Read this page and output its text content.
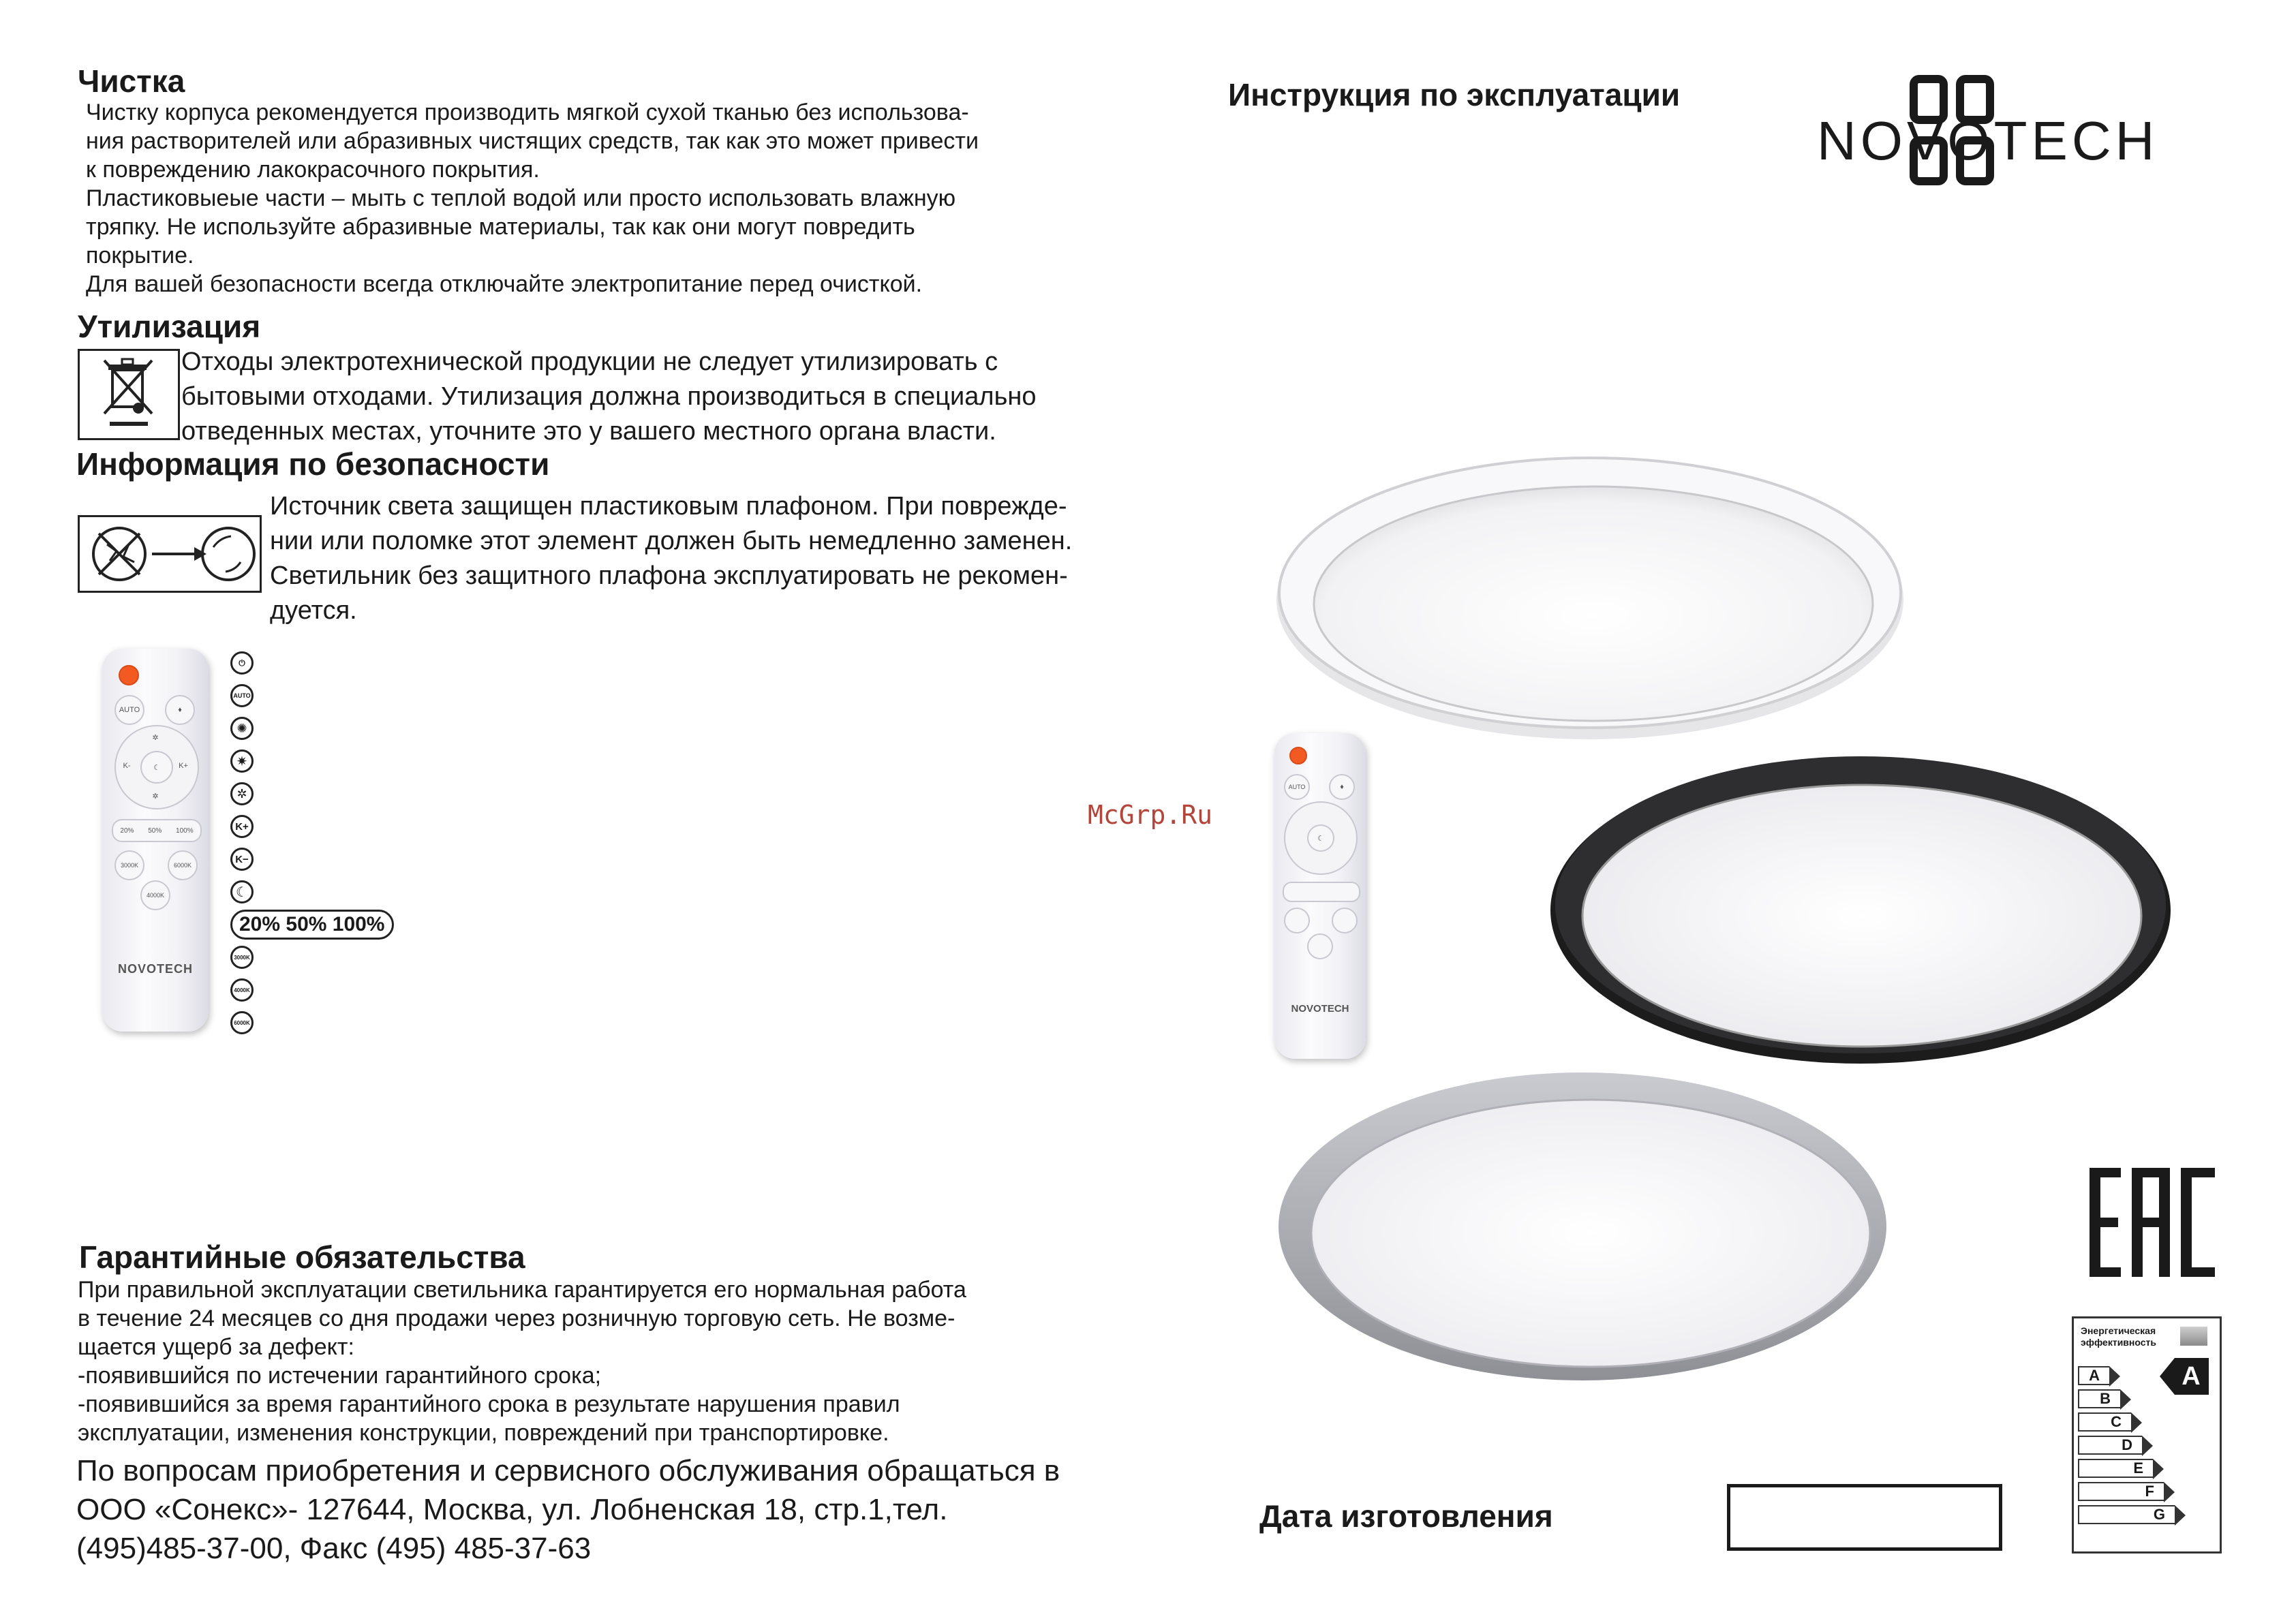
Чистка
Чистку корпуса рекомендуется производить мягкой сухой тканью без использова-
ния растворителей или абразивных чистящих средств, так как это может привести
к повреждению лакокрасочного покрытия.
Пластиковыеые части – мыть с теплой водой или просто использовать влажную
тряпку. Не используйте абразивные материалы, так как они могут повредить
покрытие.
Для вашей безопасности всегда отключайте электропитание перед очисткой.
Утилизация
Отходы электротехнической продукции не следует утилизировать с
бытовыми отходами. Утилизация должна производиться в специально
отведенных местах, уточните это у вашего местного органа власти.
Информация по безопасности
Источник света защищен пластиковым плафоном. При поврежде-
нии или поломке этот элемент должен быть немедленно заменен.
Светильник без защитного плафона эксплуатировать не рекомен-
дуется.
AUTO	♦
K-	K+
☾
✲
✲
20% 50% 100%
3000K	6000K
4000K
NOVOTECH
⏻
AUTO
✺
✷
✲
K+
K−
☾
20% 50% 100%
3000K
4000K
6000K
Гарантийные обязательства
При правильной эксплуатации светильника гарантируется его нормальная работа
в течение 24 месяцев со дня продажи через розничную торговую сеть. Не возме-
щается ущерб за дефект:
-появившийся по истечении гарантийного срока;
-появившийся за время гарантийного срока в результате нарушения правил
эксплуатации, изменения конструкции, повреждений при транспортировке.
По вопросам приобретения и сервисного обслуживания обращаться в
ООО «Сонекс»- 127644, Москва, ул. Лобненская 18, стр.1,тел.
(495)485-37-00, Факс (495) 485-37-63
Инструкция по эксплуатации
NOVOTECH
McGrp.Ru
AUTO	♦
☾
NOVOTECH
Энергетическая
эффективность
A
B
C
D
E
F
G
A
Дата изготовления
